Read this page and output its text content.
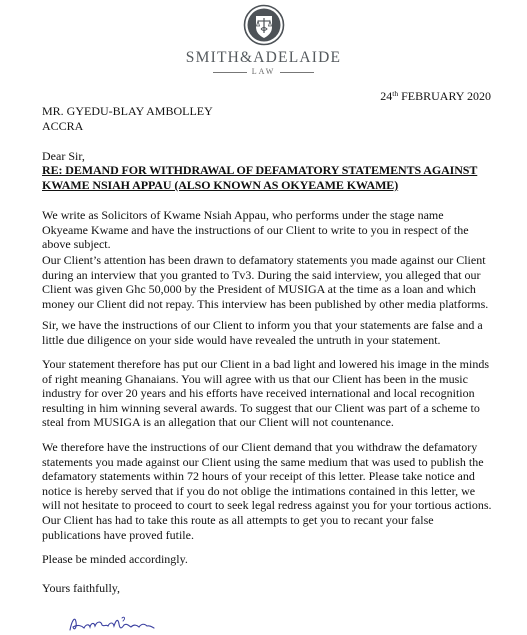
SMITH&ADELAIDE
LAW
24th FEBRUARY 2020
MR. GYEDU-BLAY AMBOLLEY
ACCRA
Dear Sir,
RE: DEMAND FOR WITHDRAWAL OF DEFAMATORY STATEMENTS AGAINST
KWAME NSIAH APPAU (ALSO KNOWN AS OKYEAME KWAME)
We write as Solicitors of Kwame Nsiah Appau, who performs under the stage name
Okyeame Kwame and have the instructions of our Client to write to you in respect of the
above subject.
Our Client’s attention has been drawn to defamatory statements you made against our Client
during an interview that you granted to Tv3. During the said interview, you alleged that our
Client was given Ghc 50,000 by the President of MUSIGA at the time as a loan and which
money our Client did not repay. This interview has been published by other media platforms.
Sir, we have the instructions of our Client to inform you that your statements are false and a
little due diligence on your side would have revealed the untruth in your statement.
Your statement therefore has put our Client in a bad light and lowered his image in the minds
of right meaning Ghanaians. You will agree with us that our Client has been in the music
industry for over 20 years and his efforts have received international and local recognition
resulting in him winning several awards. To suggest that our Client was part of a scheme to
steal from MUSIGA is an allegation that our Client will not countenance.
We therefore have the instructions of our Client demand that you withdraw the defamatory
statements you made against our Client using the same medium that was used to publish the
defamatory statements within 72 hours of your receipt of this letter. Please take notice and
notice is hereby served that if you do not oblige the intimations contained in this letter, we
will not hesitate to proceed to court to seek legal redress against you for your tortious actions.
Our Client has had to take this route as all attempts to get you to recant your false
publications have proved futile.
Please be minded accordingly.
Yours faithfully,
